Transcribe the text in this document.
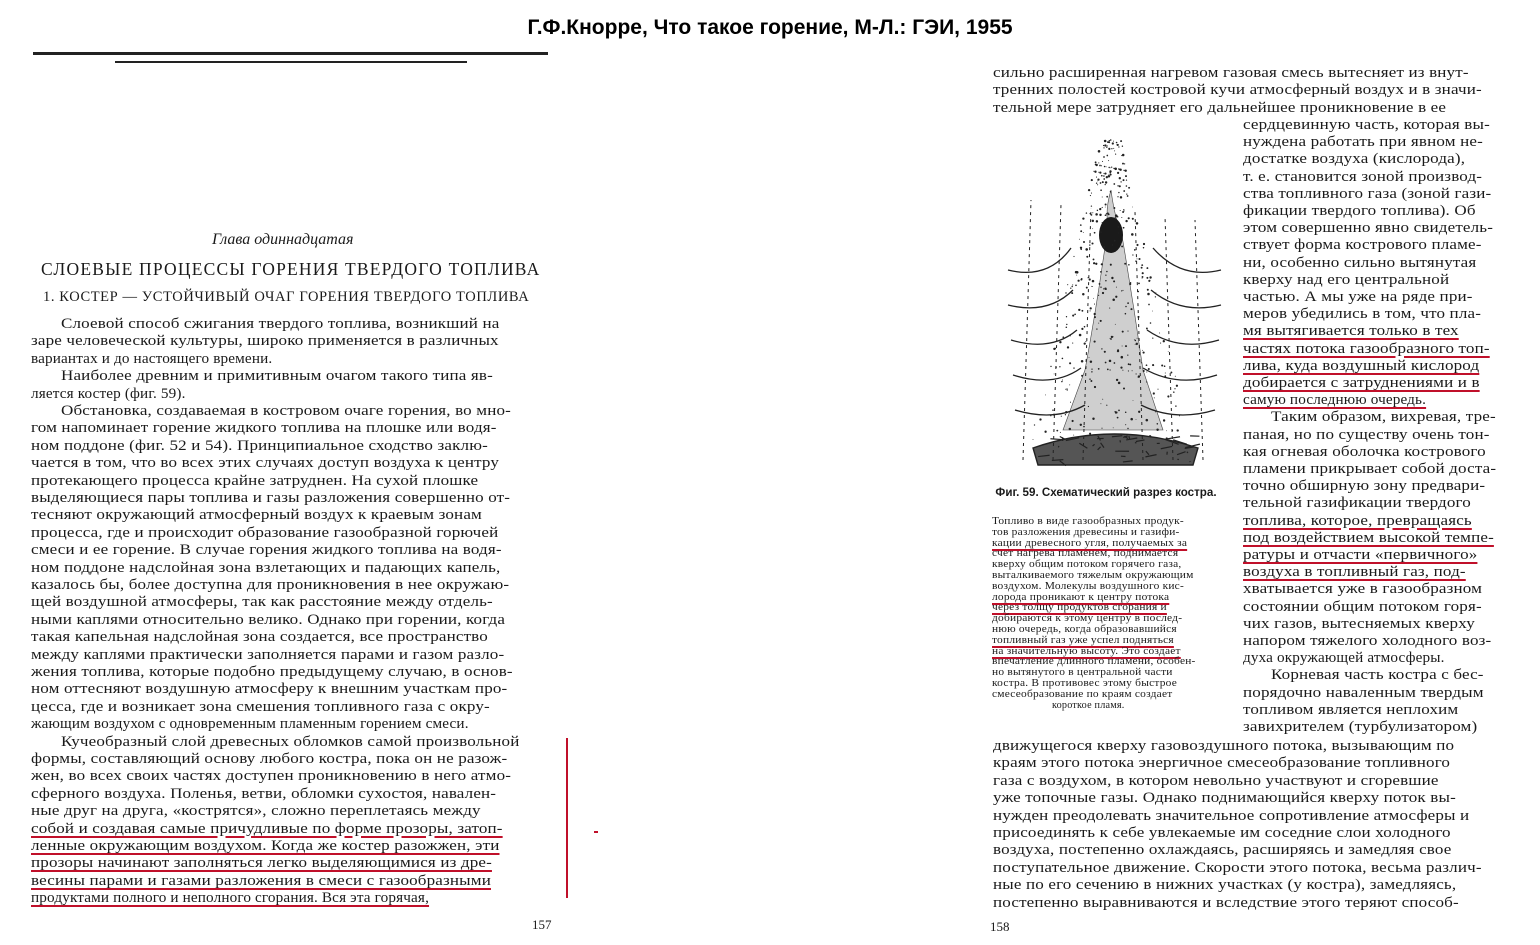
Г.Ф.Кнорре, Что такое горение, М-Л.: ГЭИ, 1955
Глава одиннадцатая
СЛОЕВЫЕ ПРОЦЕССЫ ГОРЕНИЯ ТВЕРДОГО ТОПЛИВА
1. КОСТЕР — УСТОЙЧИВЫЙ ОЧАГ ГОРЕНИЯ ТВЕРДОГО ТОПЛИВА
Слоевой способ сжигания твердого топлива, возникший на
заре человеческой культуры, широко применяется в различных
вариантах и до настоящего времени.
Наиболее древним и примитивным очагом такого типа яв-
ляется костер (фиг. 59).
Обстановка, создаваемая в костровом очаге горения, во мно-
гом напоминает горение жидкого топлива на плошке или водя-
ном поддоне (фиг. 52 и 54). Принципиальное сходство заклю-
чается в том, что во всех этих случаях доступ воздуха к центру
протекающего процесса крайне затруднен. На сухой плошке
выделяющиеся пары топлива и газы разложения совершенно от-
тесняют окружающий атмосферный воздух к краевым зонам
процесса, где и происходит образование газообразной горючей
смеси и ее горение. В случае горения жидкого топлива на водя-
ном поддоне надслойная зона взлетающих и падающих капель,
казалось бы, более доступна для проникновения в нее окружаю-
щей воздушной атмосферы, так как расстояние между отдель-
ными каплями относительно велико. Однако при горении, когда
такая капельная надслойная зона создается, все пространство
между каплями практически заполняется парами и газом разло-
жения топлива, которые подобно предыдущему случаю, в основ-
ном оттесняют воздушную атмосферу к внешним участкам про-
цесса, где и возникает зона смешения топливного газа с окру-
жающим воздухом с одновременным пламенным горением смеси.
Кучеобразный слой древесных обломков самой произвольной
формы, составляющий основу любого костра, пока он не разож-
жен, во всех своих частях доступен проникновению в него атмо-
сферного воздуха. Поленья, ветви, обломки сухостоя, навален-
ные друг на друга, «кострятся», сложно переплетаясь между
собой и создавая самые причудливые по форме прозоры, затоп-
ленные окружающим воздухом. Когда же костер разожжен, эти
прозоры начинают заполняться легко выделяющимися из дре-
весины парами и газами разложения в смеси с газообразными
продуктами полного и неполного сгорания. Вся эта горячая,
157
сильно расширенная нагревом газовая смесь вытесняет из внут-
тренних полостей костровой кучи атмосферный воздух и в значи-
тельной мере затрудняет его дальнейшее проникновение в ее
сердцевинную часть, которая вы-
нуждена работать при явном не-
достатке воздуха (кислорода),
т. е. становится зоной производ-
ства топливного газа (зоной гази-
фикации твердого топлива). Об
этом совершенно явно свидетель-
ствует форма кострового пламе-
ни, особенно сильно вытянутая
кверху над его центральной
частью. А мы уже на ряде при-
меров убедились в том, что пла-
мя вытягивается только в тех
частях потока газообразного топ-
лива, куда воздушный кислород
добирается с затруднениями и в
самую последнюю очередь.
Таким образом, вихревая, тре-
паная, но по существу очень тон-
кая огневая оболочка кострового
пламени прикрывает собой доста-
точно обширную зону предвари-
тельной газификации твердого
топлива, которое, превращаясь
под воздействием высокой темпе-
ратуры и отчасти «первичного»
воздуха в топливный газ, под-
хватывается уже в газообразном
состоянии общим потоком горя-
чих газов, вытесняемых кверху
напором тяжелого холодного воз-
духа окружающей атмосферы.
Корневая часть костра с бес-
порядочно наваленным твердым
топливом является неплохим
завихрителем (турбулизатором)
движущегося кверху газовоздушного потока, вызывающим по
краям этого потока энергичное смесеобразование топливного
газа с воздухом, в котором невольно участвуют и сгоревшие
уже топочные газы. Однако поднимающийся кверху поток вы-
нужден преодолевать значительное сопротивление атмосферы и
присоединять к себе увлекаемые им соседние слои холодного
воздуха, постепенно охлаждаясь, расширяясь и замедляя свое
поступательное движение. Скорости этого потока, весьма различ-
ные по его сечению в нижних участках (у костра), замедляясь,
постепенно выравниваются и вследствие этого теряют способ-
Фиг. 59. Схематический разрез костра.
Топливо в виде газообразных продук-
тов разложения древесины и газифи-
кации древесного угля, получаемых за
счет нагрева пламенем, поднимается
кверху общим потоком горячего газа,
выталкиваемого тяжелым окружающим
воздухом. Молекулы воздушного кис-
лорода проникают к центру потока
через толщу продуктов сгорания и
добираются к этому центру в послед-
нюю очередь, когда образовавшийся
топливный газ уже успел подняться
на значительную высоту. Это создает
впечатление длинного пламени, особен-
но вытянутого в центральной части
костра. В противовес этому быстрое
смесеобразование по краям создает
короткое пламя.
158
